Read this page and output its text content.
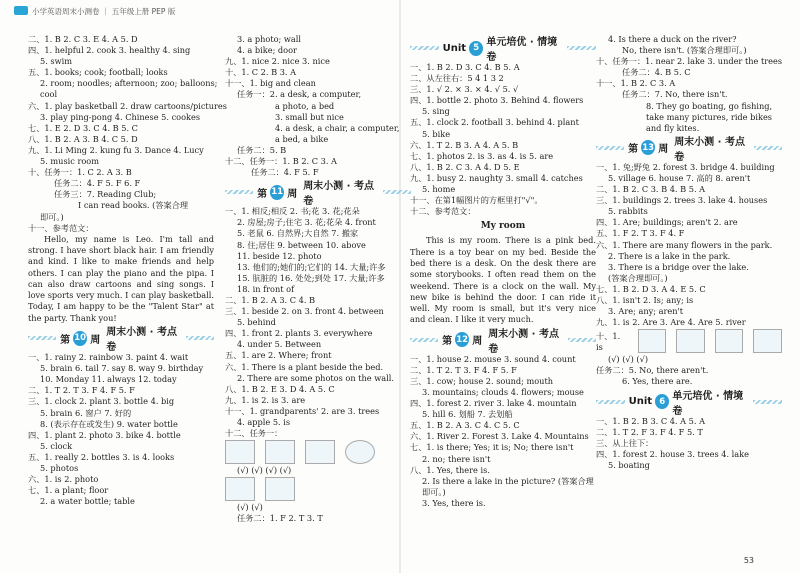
小学英语周末小测卷 ｜ 五年级上册 PEP 版
二、1. B 2. C 3. E 4. A 5. D
四、1. helpful 2. cook 3. healthy 4. sing
5. swim
五、1. books; cook; football; looks
2. room; noodles; afternoon; zoo; balloons;
cool
六、1. play basketball 2. draw cartoons/pictures
3. play ping-pong 4. Chinese 5. cookes
七、1. E 2. D 3. C 4. B 5. C
八、1. B 2. A 3. B 4. C 5. D
九、1. Li Ming 2. kung fu 3. Dance 4. Lucy
5. music room
十、任务一：1. C 2. A 3. B
任务二：4. F 5. F 6. F
任务三：7. Reading Club;
I can read books. (答案合理
即可。)
十一、参考范文：
Hello, my name is Leo. I'm tall and strong. I have short black hair. I am friendly and kind. I like to make friends and help others. I can play the piano and the pipa. I can also draw cartoons and sing songs. I love sports very much. I can play basketball. Today, I am happy to be the "Talent Star" at the party. Thank you!
第 10 周
周末小测 · 考点卷
一、1. rainy 2. rainbow 3. paint 4. wait
5. brain 6. tail 7. say 8. way 9. birthday
10. Monday 11. always 12. today
二、1. T 2. T 3. F 4. F 5. F
三、1. clock 2. plant 3. bottle 4. big
5. brain 6. 窗户 7. 好的
8. (表示存在或发生) 9. water bottle
四、1. plant 2. photo 3. bike 4. bottle
5. clock
五、1. really 2. bottles 3. is 4. looks
5. photos
六、1. is 2. photo
七、1. a plant; floor
2. a water bottle; table
3. a photo; wall
4. a bike; door
九、1. nice 2. nice 3. nice
十、1. C 2. B 3. A
十一、1. big and clean
任务一：2. a desk, a computer,
a photo, a bed
3. small but nice
4. a desk, a chair, a computer,
a bed, a bike
任务二：5. B
十二、任务一：1. B 2. C 3. A
任务二：4. F 5. F
第 11 周
周末小测 · 考点卷
一、1. 相反;相反 2. 书;花 3. 花;花朵
2. 房屋;房子;住宅 3. 花;花朵 4. front
5. 老鼠 6. 自然界;大自然 7. 搬家
8. 住;居住 9. between 10. above
11. beside 12. photo
13. 他们的;她们的;它们的 14. 大量;许多
15. 肮脏的 16. 处处;到处 17. 大量;许多
18. in front of
二、1. B 2. A 3. C 4. B
三、1. beside 2. on 3. front 4. between
5. behind
四、1. front 2. plants 3. everywhere
4. under 5. Between
五、1. are 2. Where; front
六、1. There is a plant beside the bed.
2. There are some photos on the wall.
八、1. B 2. E 3. D 4. A 5. C
九、1. is 2. is 3. are
十一、1. grandparents' 2. are 3. trees
4. apple 5. is
十二、任务一：
(√) (√) (√) (√)
(√) (√)
任务二：1. F 2. T 3. T
Unit 5 单元培优 · 情境卷
一、1. B 2. D 3. C 4. B 5. A
二、从左往右：5 4 1 3 2
三、1. √ 2. × 3. × 4. √ 5. √
四、1. bottle 2. photo 3. Behind 4. flowers
5. sing
五、1. clock 2. football 3. behind 4. plant
5. bike
六、1. T 2. B 3. A 4. A 5. B
七、1. photos 2. is 3. as 4. is 5. are
八、1. B 2. C 3. A 4. D 5. E
九、1. busy 2. naughty 3. small 4. catches
5. home
十一、在第1幅图片的方框里打"√"。
十二、参考范文：
My room
This is my room. There is a pink bed. There is a toy bear on my bed. Beside the bed there is a desk. On the desk there are some storybooks. I often read them on the weekend. There is a clock on the wall. My new bike is behind the door. I can ride it well. My room is small, but it's very nice and clean. I like it very much.
第 12 周
周末小测 · 考点卷
一、1. house 2. mouse 3. sound 4. count
二、1. T 2. T 3. F 4. F 5. F
三、1. cow; house 2. sound; mouth
3. mountains; clouds 4. flowers; mouse
四、1. forest 2. river 3. lake 4. mountain
5. hill 6. 划船 7. 去划船
五、1. B 2. A 3. C 4. C 5. C
六、1. River 2. Forest 3. Lake 4. Mountains
七、1. is there; Yes; it is; No; there isn't
2. no; there isn't
八、1. Yes, there is.
2. Is there a lake in the picture? (答案合理
即可。)
3. Yes, there is.
4. Is there a duck on the river?
No, there isn't. (答案合理即可。)
十、任务一：1. near 2. lake 3. under the trees
任务二：4. B 5. C
十一、1. B 2. C 3. A
任务二：7. No, there isn't.
8. They go boating, go fishing,
take many pictures, ride bikes
and fly kites.
第 13 周
周末小测 · 考点卷
一、1. 兔;野兔 2. forest 3. bridge 4. building
5. village 6. house 7. 高的 8. aren't
二、1. B 2. C 3. B 4. B 5. A
三、1. buildings 2. trees 3. lake 4. houses
5. rabbits
四、1. Are; buildings; aren't 2. are
五、1. F 2. T 3. F 4. F
六、1. There are many flowers in the park.
2. There is a lake in the park.
3. There is a bridge over the lake.
(答案合理即可。)
七、1. B 2. D 3. A 4. E 5. C
八、1. isn't 2. Is; any; is
3. Are; any; aren't
九、1. is 2. Are 3. Are 4. Are 5. river
十、1. is
(√) (√) (√)
任务二：5. No, there aren't.
6. Yes, there are.
Unit 6 单元培优 · 情境卷
一、1. B 2. B 3. C 4. A 5. A
二、1. T 2. F 3. F 4. F 5. T
三、从上往下：
四、1. forest 2. house 3. trees 4. lake
5. boating
53
